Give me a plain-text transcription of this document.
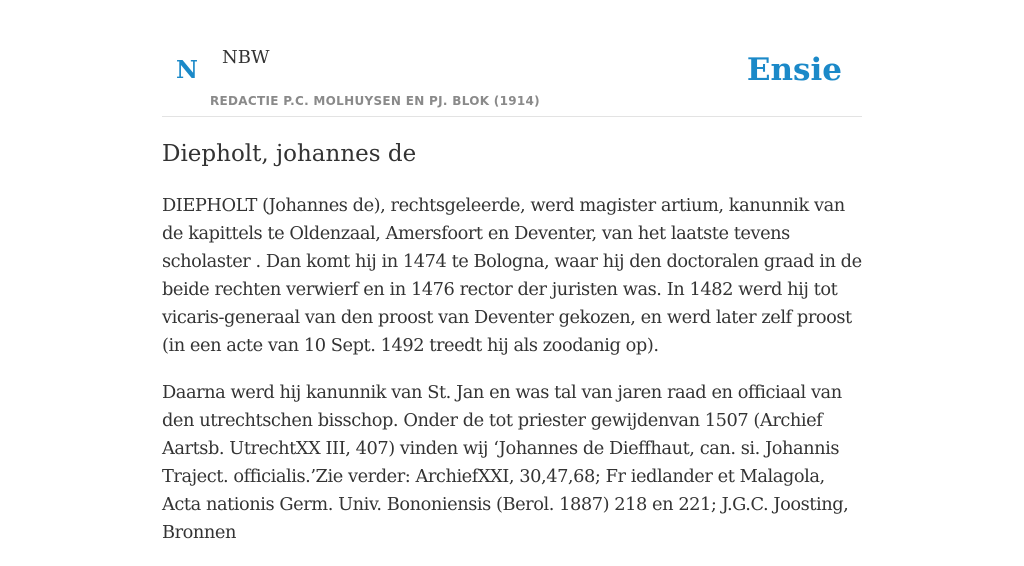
N NBW
REDACTIE P.C. MOLHUYSEN EN PJ. BLOK (1914)
Ensie
Diepholt, johannes de

DIEPHOLT (Johannes de), rechtsgeleerde, werd magister artium, kanunnik van de kapittels te Oldenzaal, Amersfoort en Deventer, van het laatste tevens scholaster . Dan komt hij in 1474 te Bologna, waar hij den doctoralen graad in de beide rechten verwierf en in 1476 rector der juristen was. In 1482 werd hij tot vicaris-generaal van den proost van Deventer gekozen, en werd later zelf proost (in een acte van 10 Sept. 1492 treedt hij als zoodanig op).

Daarna werd hij kanunnik van St. Jan en was tal van jaren raad en officiaal van den utrechtschen bisschop. Onder de tot priester gewijdenvan 1507 (Archief Aartsb. UtrechtXX III, 407) vinden wij ‘Johannes de Dieffhaut, can. si. Johannis Traject. officialis.’Zie verder: ArchiefXXI, 30,47,68; Fr iedlander et Malagola, Acta nationis Germ. Univ. Bononiensis (Berol. 1887) 218 en 221; J.G.C. Joosting, Bronnen
